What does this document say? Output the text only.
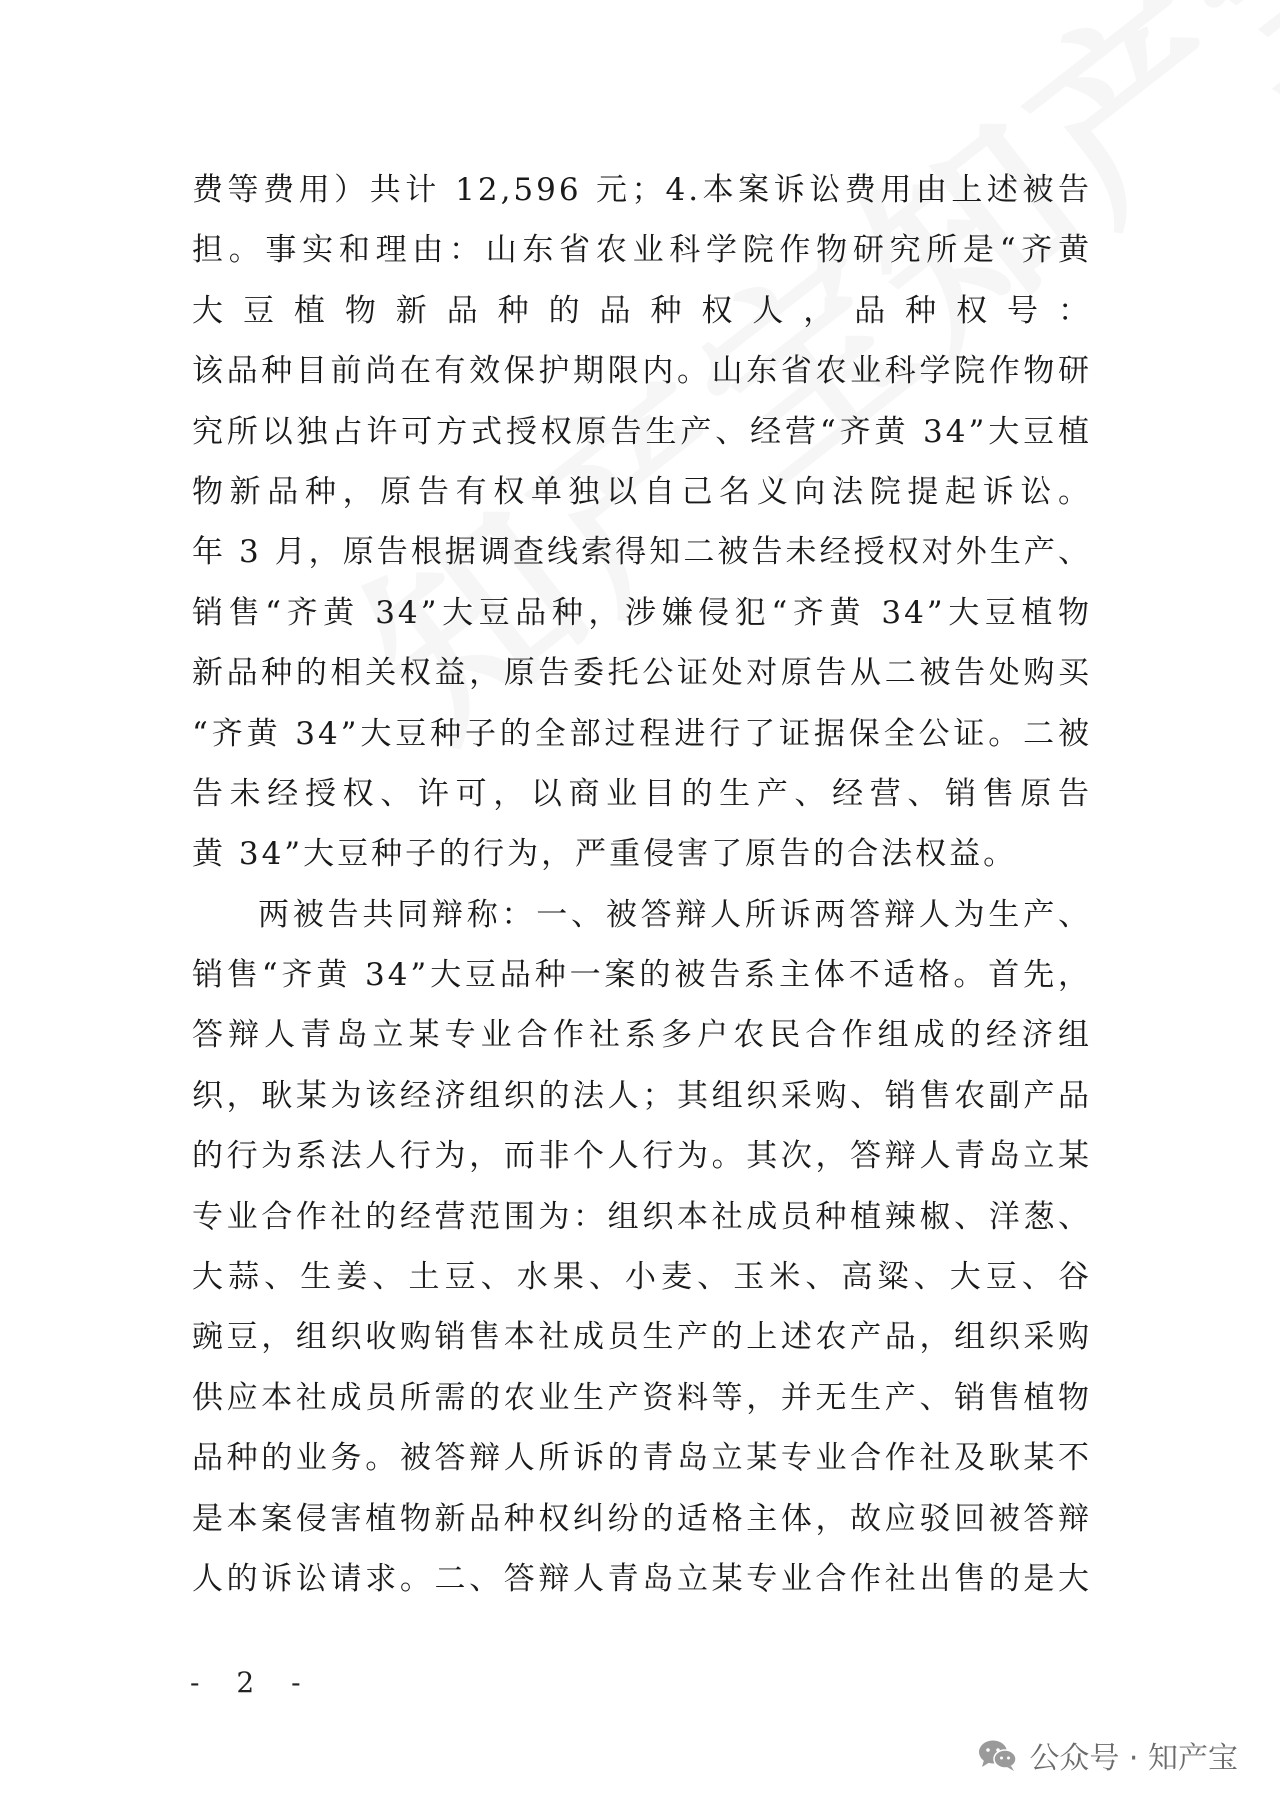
费等费用）共计 12,596 元；4.本案诉讼费用由上述被告
担。事实和理由：山东省农业科学院作物研究所是“齐黄
大豆植物新品种的品种权人，品种权号：
该品种目前尚在有效保护期限内。山东省农业科学院作物研
究所以独占许可方式授权原告生产、经营“齐黄 34”大豆植
物新品种，原告有权单独以自己名义向法院提起诉讼。
年 3 月，原告根据调查线索得知二被告未经授权对外生产、
销售“齐黄 34”大豆品种，涉嫌侵犯“齐黄 34”大豆植物
新品种的相关权益，原告委托公证处对原告从二被告处购买
“齐黄 34”大豆种子的全部过程进行了证据保全公证。二被
告未经授权、许可，以商业目的生产、经营、销售原告
黄 34”大豆种子的行为，严重侵害了原告的合法权益。
两被告共同辩称：一、被答辩人所诉两答辩人为生产、
销售“齐黄 34”大豆品种一案的被告系主体不适格。首先，
答辩人青岛立某专业合作社系多户农民合作组成的经济组
织，耿某为该经济组织的法人；其组织采购、销售农副产品
的行为系法人行为，而非个人行为。其次，答辩人青岛立某
专业合作社的经营范围为：组织本社成员种植辣椒、洋葱、
大蒜、生姜、土豆、水果、小麦、玉米、高粱、大豆、谷
豌豆，组织收购销售本社成员生产的上述农产品，组织采购
供应本社成员所需的农业生产资料等，并无生产、销售植物
品种的业务。被答辩人所诉的青岛立某专业合作社及耿某不
是本案侵害植物新品种权纠纷的适格主体，故应驳回被答辩
人的诉讼请求。二、答辩人青岛立某专业合作社出售的是大
- 2 -
公众号 · 知产宝
